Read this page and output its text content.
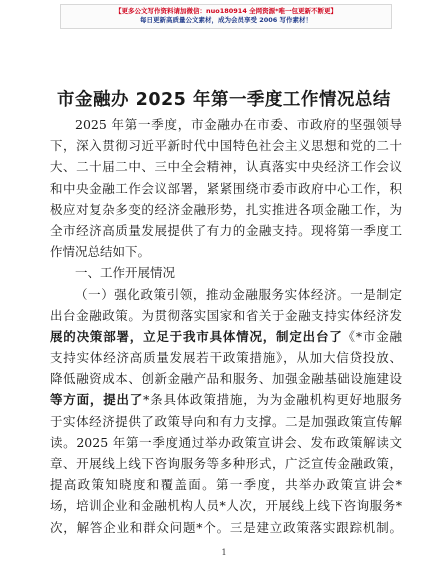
【更多公文写作资料请加微信：nuo180914 全网资源*唯一包更新不断更】
每日更新高质量公文素材，成为会员享受 2006 写作素材！
市金融办 2025 年第一季度工作情况总结
2025 年第一季度，市金融办在市委、市政府的坚强领导
下，深入贯彻习近平新时代中国特色社会主义思想和党的二十
大、二十届二中、三中全会精神，认真落实中央经济工作会议
和中央金融工作会议部署，紧紧围绕市委市政府中心工作，积
极应对复杂多变的经济金融形势，扎实推进各项金融工作，为
全市经济高质量发展提供了有力的金融支持。现将第一季度工
作情况总结如下。
一、工作开展情况
（一）强化政策引领，推动金融服务实体经济。一是制定
出台金融政策。为贯彻落实国家和省关于金融支持实体经济发
展的决策部署，立足于我市具体情况，制定出台了《*市金融
支持实体经济高质量发展若干政策措施》，从加大信贷投放、
降低融资成本、创新金融产品和服务、加强金融基础设施建设
等方面，提出了*条具体政策措施，为为金融机构更好地服务
于实体经济提供了政策导向和有力支撑。二是加强政策宣传解
读。2025 年第一季度通过举办政策宣讲会、发布政策解读文
章、开展线上线下咨询服务等多种形式，广泛宣传金融政策，
提高政策知晓度和覆盖面。第一季度，共举办政策宣讲会*
场，培训企业和金融机构人员*人次，开展线上线下咨询服务*
次，解答企业和群众问题*个。三是建立政策落实跟踪机制。
1
